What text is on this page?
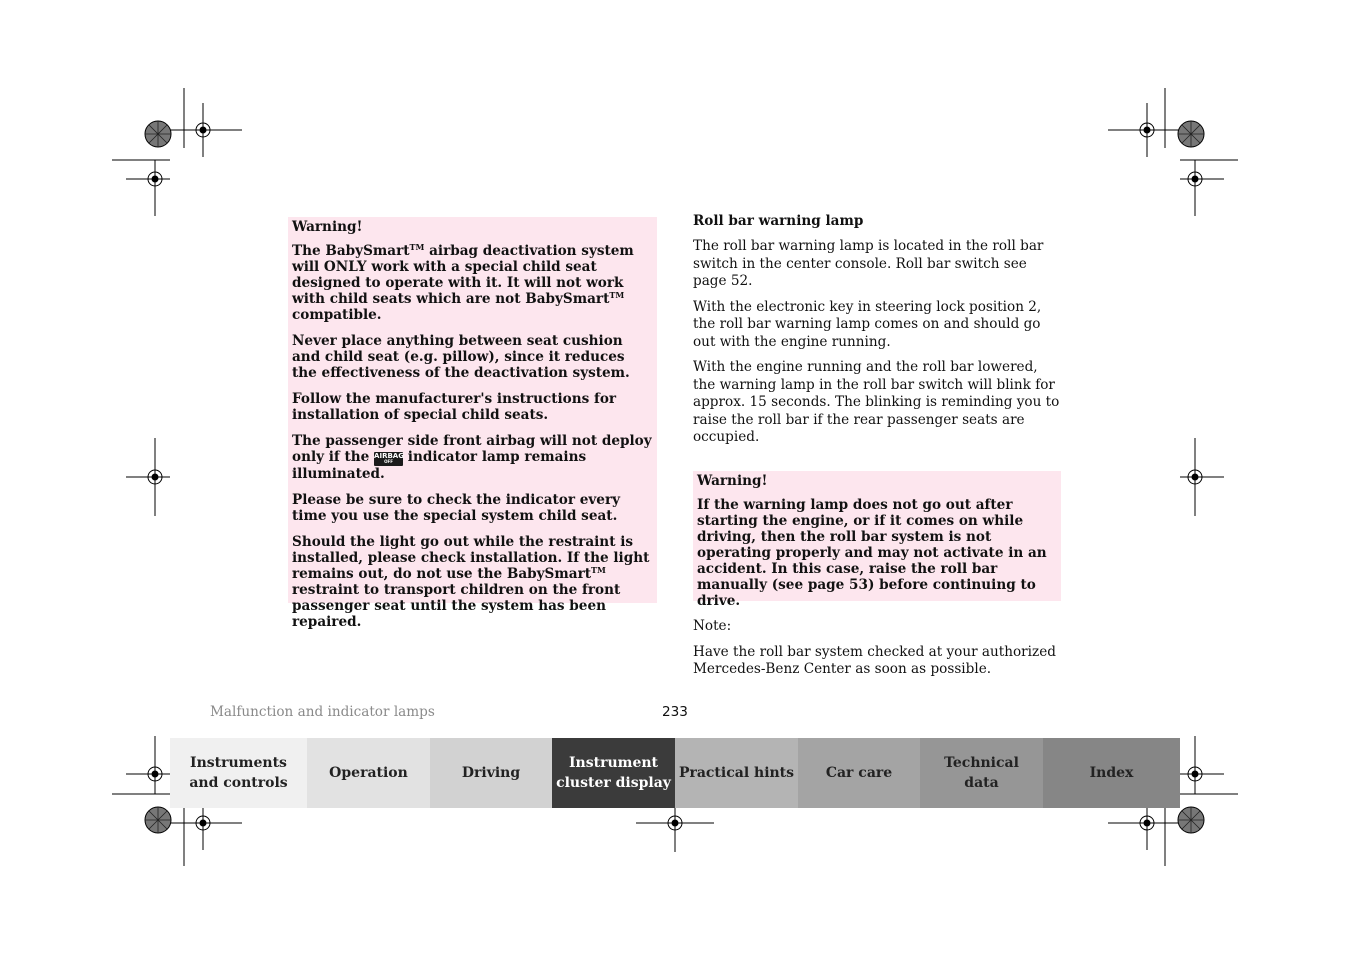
Warning!

The BabySmart™ airbag deactivation system will ONLY work with a special child seat designed to operate with it. It will not work with child seats which are not BabySmart™ compatible.

Never place anything between seat cushion and child seat (e.g. pillow), since it reduces the effectiveness of the deactivation system.

Follow the manufacturer's instructions for installation of special child seats.

The passenger side front airbag will not deploy only if the AIRBAG
OFF indicator lamp remains illuminated.

Please be sure to check the indicator every time you use the special system child seat.

Should the light go out while the restraint is installed, please check installation. If the light remains out, do not use the BabySmart™ restraint to transport children on the front passenger seat until the system has been repaired.

Roll bar warning lamp

The roll bar warning lamp is located in the roll bar switch in the center console. Roll bar switch see page 52.

With the electronic key in steering lock position 2, the roll bar warning lamp comes on and should go out with the engine running.

With the engine running and the roll bar lowered, the warning lamp in the roll bar switch will blink for approx. 15 seconds. The blinking is reminding you to raise the roll bar if the rear passenger seats are occupied.

Warning!

If the warning lamp does not go out after starting the engine, or if it comes on while driving, then the roll bar system is not operating properly and may not activate in an accident. In this case, raise the roll bar manually (see page 53) before continuing to drive.

Note:

Have the roll bar system checked at your authorized Mercedes-Benz Center as soon as possible.

Malfunction and indicator lamps	233
Instruments
and controls
Operation	Driving
Instrument
cluster display
Practical hints	Car care
Technical
data
Index
